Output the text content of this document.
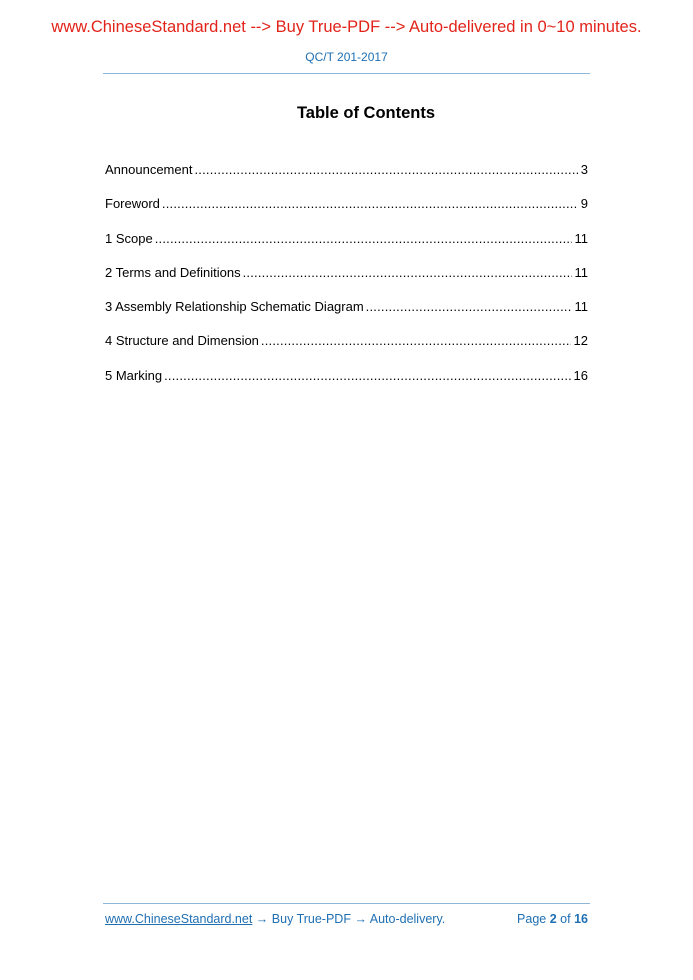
www.ChineseStandard.net --> Buy True-PDF --> Auto-delivered in 0~10 minutes.
QC/T 201-2017
Table of Contents
Announcement .....	3
Foreword .....	9
1 Scope .....	11
2 Terms and Definitions .....	11
3 Assembly Relationship Schematic Diagram .....	11
4 Structure and Dimension .....	12
5 Marking .....	16
www.ChineseStandard.net → Buy True-PDF → Auto-delivery.	Page 2 of 16
